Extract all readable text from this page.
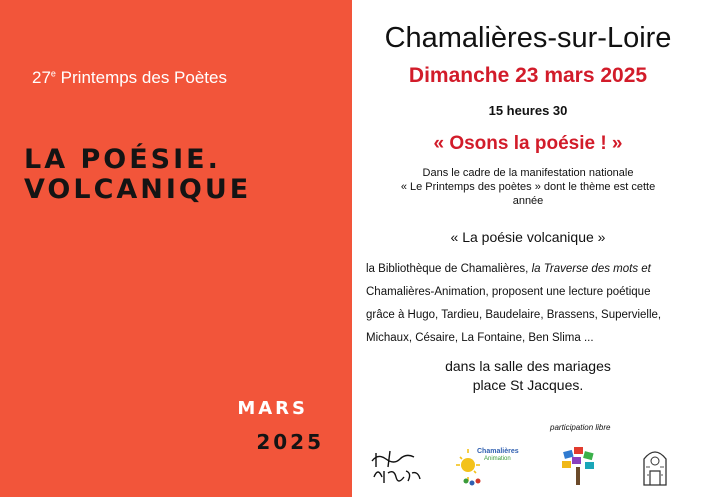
27e Printemps des Poètes
LA POÉSIE.
VOLCANIQUE
MARS
2025
Chamalières-sur-Loire
Dimanche 23 mars 2025
15 heures 30
« Osons la poésie ! »
Dans le cadre de la manifestation nationale
« Le Printemps des poètes » dont le thème est cette
année
« La poésie volcanique »
la Bibliothèque de Chamalières, la Traverse des mots et
Chamalières-Animation, proposent une lecture poétique
grâce à Hugo, Tardieu, Baudelaire, Brassens, Supervielle,
Michaux, Césaire, La Fontaine, Ben Slima ...
dans la salle des mariages
place St Jacques.
participation libre
Chamalières
Animation
